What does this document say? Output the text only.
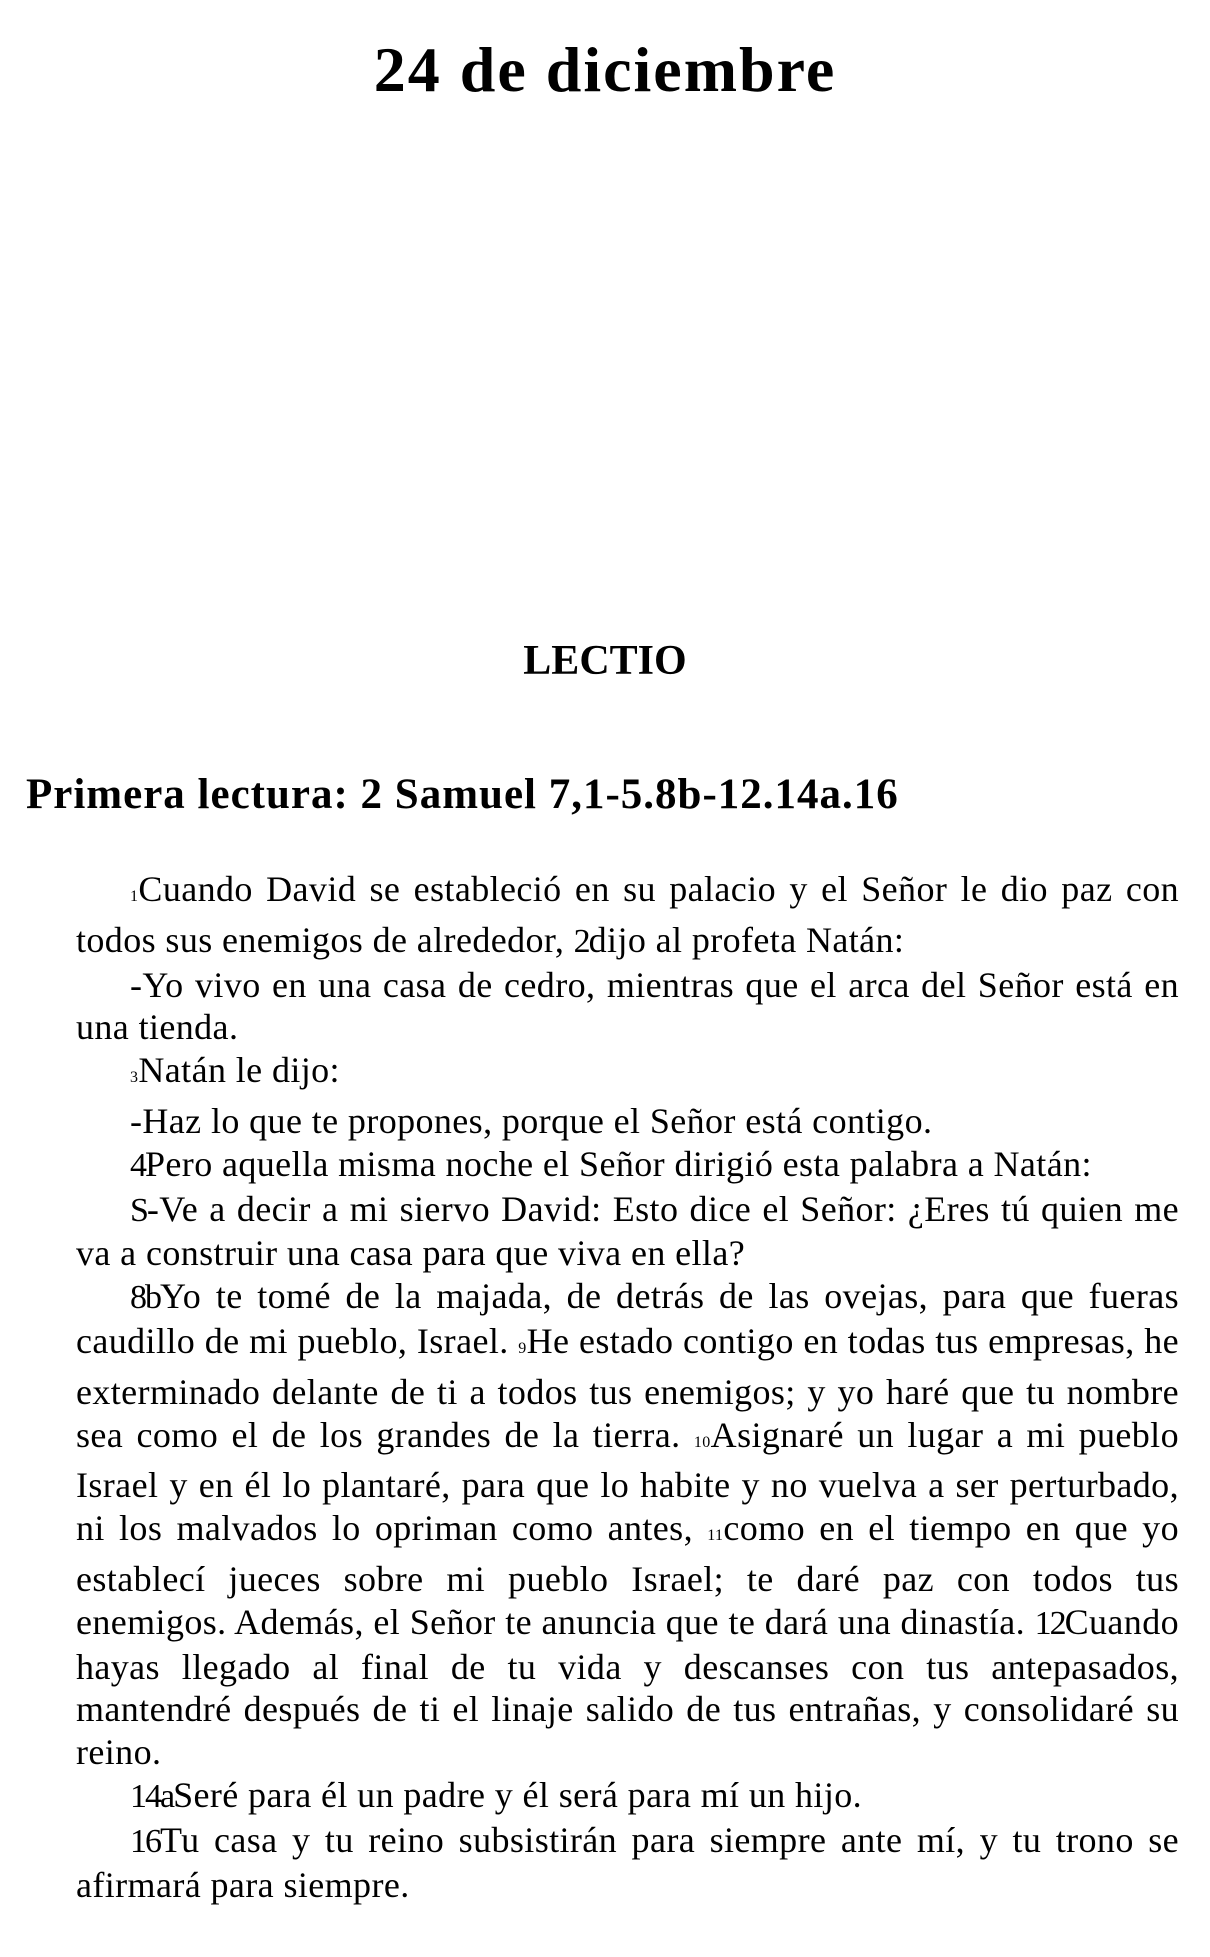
24 de diciembre
LECTIO
Primera lectura: 2 Samuel 7,1-5.8b-12.14a.16

1Cuando David se estableció en su palacio y el Señor le dio paz con todos sus enemigos de alrededor, 2dijo al profeta Natán:

-Yo vivo en una casa de cedro, mientras que el arca del Señor está en una tienda.

3Natán le dijo:

-Haz lo que te propones, porque el Señor está contigo.

4Pero aquella misma noche el Señor dirigió esta palabra a Natán:

S-Ve a decir a mi siervo David: Esto dice el Señor: ¿Eres tú quien me va a construir una casa para que viva en ella?

8bYo te tomé de la majada, de detrás de las ovejas, para que fueras caudillo de mi pueblo, Israel. 9He estado contigo en todas tus empresas, he exterminado delante de ti a todos tus enemigos; y yo haré que tu nombre sea como el de los grandes de la tierra. 10Asignaré un lugar a mi pueblo Israel y en él lo plantaré, para que lo habite y no vuelva a ser perturbado, ni los malvados lo opriman como antes, 11como en el tiempo en que yo establecí jueces sobre mi pueblo Israel; te daré paz con todos tus enemigos. Además, el Señor te anuncia que te dará una dinastía. 12Cuando hayas llegado al final de tu vida y descanses con tus antepasados, mantendré después de ti el linaje salido de tus entrañas, y consolidaré su reino.

14aSeré para él un padre y él será para mí un hijo.

16Tu casa y tu reino subsistirán para siempre ante mí, y tu trono se afirmará para siempre.
